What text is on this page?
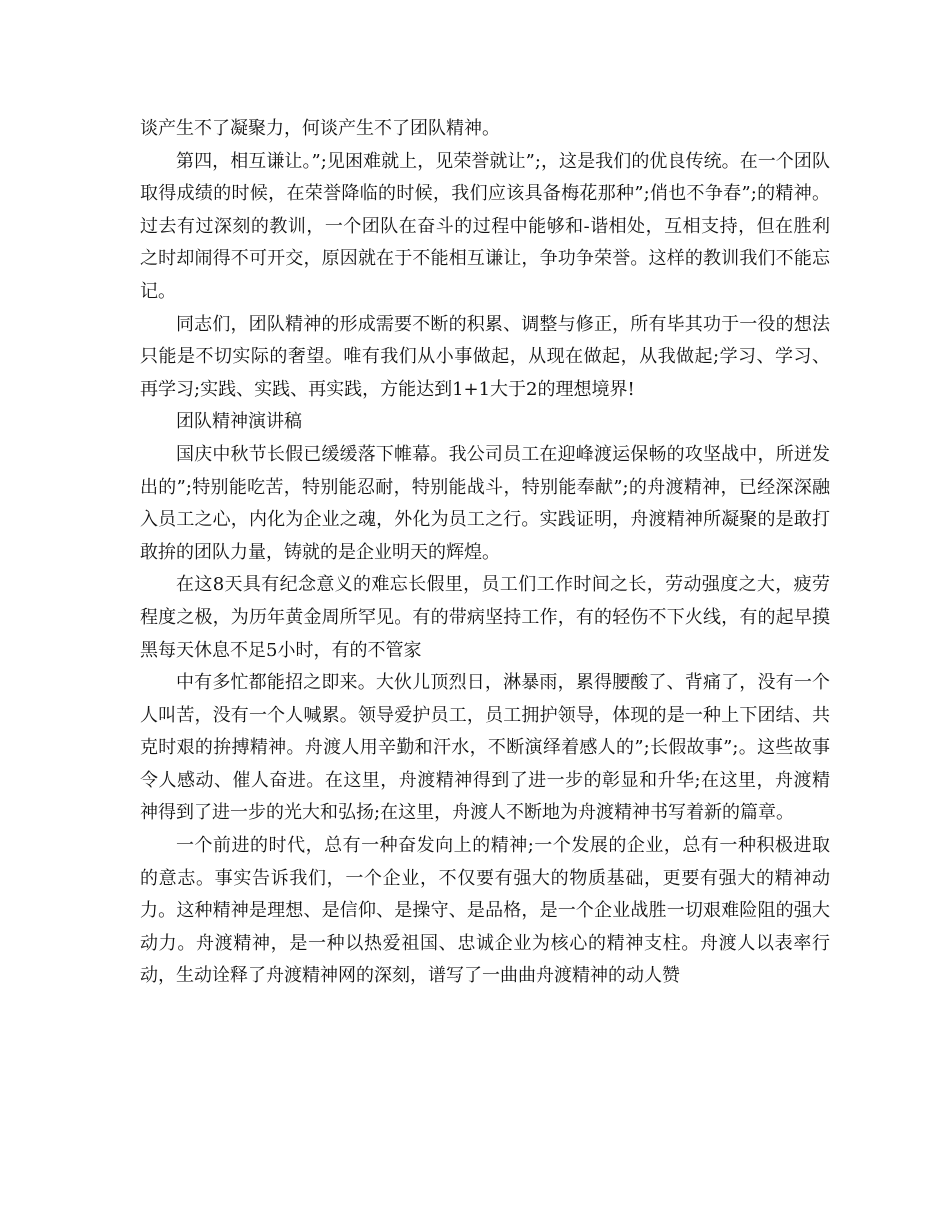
谈产生不了凝聚力，何谈产生不了团队精神。

第四，相互谦让。”;见困难就上，见荣誉就让”;，这是我们的优良传统。在一个团队取得成绩的时候，在荣誉降临的时候，我们应该具备梅花那种”;俏也不争春”;的精神。过去有过深刻的教训，一个团队在奋斗的过程中能够和-谐相处，互相支持，但在胜利之时却闹得不可开交，原因就在于不能相互谦让，争功争荣誉。这样的教训我们不能忘记。

同志们，团队精神的形成需要不断的积累、调整与修正，所有毕其功于一役的想法只能是不切实际的奢望。唯有我们从小事做起，从现在做起，从我做起;学习、学习、再学习;实践、实践、再实践，方能达到1+1大于2的理想境界!

团队精神演讲稿

国庆中秋节长假已缓缓落下帷幕。我公司员工在迎峰渡运保畅的攻坚战中，所迸发出的”;特别能吃苦，特别能忍耐，特别能战斗，特别能奉献”;的舟渡精神，已经深深融入员工之心，内化为企业之魂，外化为员工之行。实践证明，舟渡精神所凝聚的是敢打敢拚的团队力量，铸就的是企业明天的辉煌。

在这8天具有纪念意义的难忘长假里，员工们工作时间之长，劳动强度之大，疲劳程度之极，为历年黄金周所罕见。有的带病坚持工作，有的轻伤不下火线，有的起早摸黑每天休息不足5小时，有的不管家

中有多忙都能招之即来。大伙儿顶烈日，淋暴雨，累得腰酸了、背痛了，没有一个人叫苦，没有一个人喊累。领导爱护员工，员工拥护领导，体现的是一种上下团结、共克时艰的拚搏精神。舟渡人用辛勤和汗水，不断演绎着感人的”;长假故事”;。这些故事令人感动、催人奋进。在这里，舟渡精神得到了进一步的彰显和升华;在这里，舟渡精神得到了进一步的光大和弘扬;在这里，舟渡人不断地为舟渡精神书写着新的篇章。

一个前进的时代，总有一种奋发向上的精神;一个发展的企业，总有一种积极进取的意志。事实告诉我们，一个企业，不仅要有强大的物质基础，更要有强大的精神动力。这种精神是理想、是信仰、是操守、是品格，是一个企业战胜一切艰难险阻的强大动力。舟渡精神，是一种以热爱祖国、忠诚企业为核心的精神支柱。舟渡人以表率行动，生动诠释了舟渡精神网的深刻，谱写了一曲曲舟渡精神的动人赞
